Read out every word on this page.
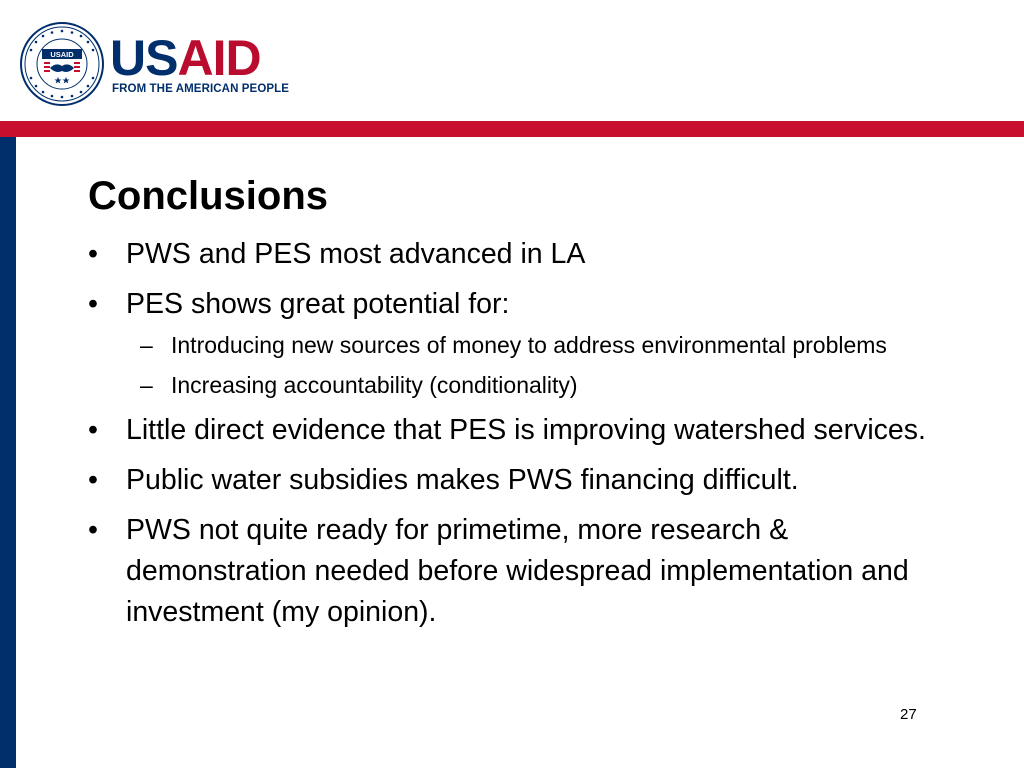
USAID USAID
FROM THE AMERICAN PEOPLE
Conclusions
• PWS and PES most advanced in LA
• PES shows great potential for:
– Introducing new sources of money to address environmental problems
– Increasing accountability (conditionality)
• Little direct evidence that PES is improving watershed services.
• Public water subsidies makes PWS financing difficult.
• PWS not quite ready for primetime, more research & demonstration needed before widespread implementation and investment (my opinion).
27
